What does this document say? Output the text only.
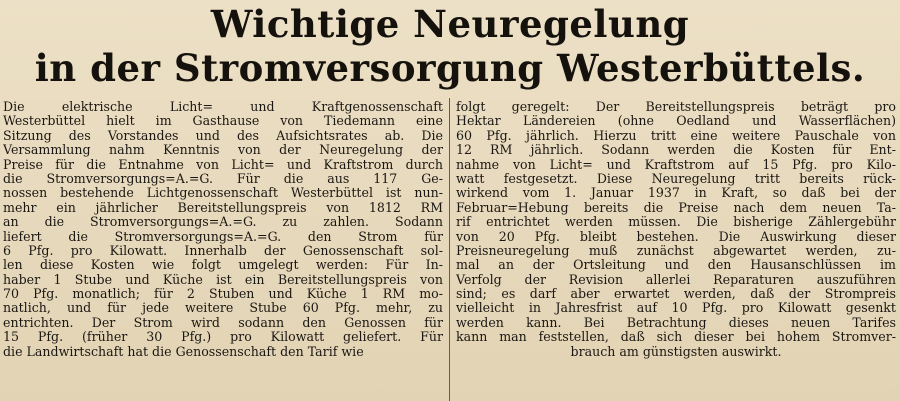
Wichtige Neuregelung
in der Stromversorgung Westerbüttels.
Die elektrische Licht= und Kraftgenossenschaft
Westerbüttel hielt im Gasthause von Tiedemann eine
Sitzung des Vorstandes und des Aufsichtsrates ab. Die
Versammlung nahm Kenntnis von der Neuregelung der
Preise für die Entnahme von Licht= und Kraftstrom durch
die Stromversorgungs=A.=G. Für die aus 117 Ge-
nossen bestehende Lichtgenossenschaft Westerbüttel ist nun-
mehr ein jährlicher Bereitstellungspreis von 1812 RM
an die Stromversorgungs=A.=G. zu zahlen. Sodann
liefert die Stromversorgungs=A.=G. den Strom für
6 Pfg. pro Kilowatt. Innerhalb der Genossenschaft sol-
len diese Kosten wie folgt umgelegt werden: Für In-
haber 1 Stube und Küche ist ein Bereitstellungspreis von
70 Pfg. monatlich; für 2 Stuben und Küche 1 RM mo-
natlich, und für jede weitere Stube 60 Pfg. mehr, zu
entrichten. Der Strom wird sodann den Genossen für
15 Pfg. (früher 30 Pfg.) pro Kilowatt geliefert. Für
die Landwirtschaft hat die Genossenschaft den Tarif wie
folgt geregelt: Der Bereitstellungspreis beträgt pro
Hektar Ländereien (ohne Oedland und Wasserflächen)
60 Pfg. jährlich. Hierzu tritt eine weitere Pauschale von
12 RM jährlich. Sodann werden die Kosten für Ent-
nahme von Licht= und Kraftstrom auf 15 Pfg. pro Kilo-
watt festgesetzt. Diese Neuregelung tritt bereits rück-
wirkend vom 1. Januar 1937 in Kraft, so daß bei der
Februar=Hebung bereits die Preise nach dem neuen Ta-
rif entrichtet werden müssen. Die bisherige Zählergebühr
von 20 Pfg. bleibt bestehen. Die Auswirkung dieser
Preisneuregelung muß zunächst abgewartet werden, zu-
mal an der Ortsleitung und den Hausanschlüssen im
Verfolg der Revision allerlei Reparaturen auszuführen
sind; es darf aber erwartet werden, daß der Strompreis
vielleicht in Jahresfrist auf 10 Pfg. pro Kilowatt gesenkt
werden kann. Bei Betrachtung dieses neuen Tarifes
kann man feststellen, daß sich dieser bei hohem Stromver-
brauch am günstigsten auswirkt.
